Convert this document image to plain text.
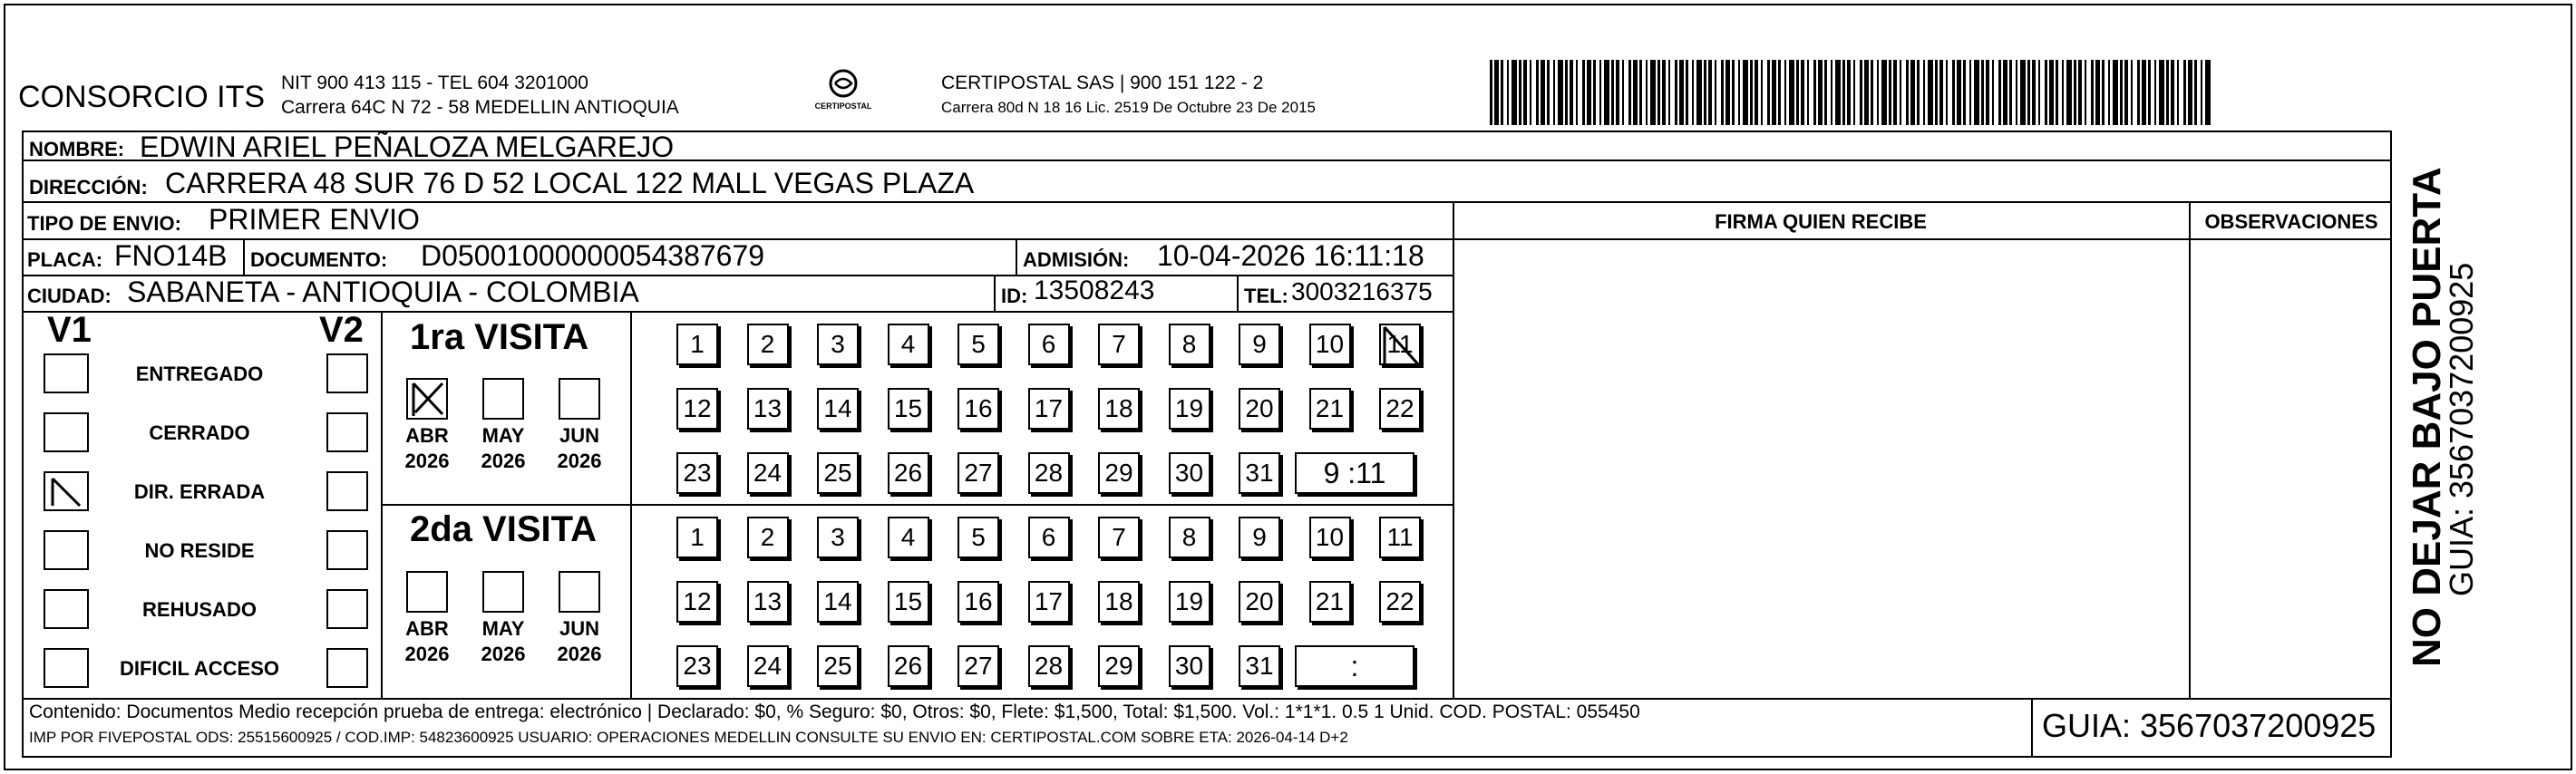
CONSORCIO ITS NIT 900 413 115 - TEL 604 3201000
Carrera 64C N 72 - 58 MEDELLIN ANTIOQUIA	CERTIPOSTAL
CERTIPOSTAL SAS | 900 151 122 - 2
Carrera 80d N 18 16 Lic. 2519 De Octubre 23 De 2015
NOMBRE: EDWIN ARIEL PEÑALOZA MELGAREJO
DIRECCIÓN: CARRERA 48 SUR 76 D 52 LOCAL 122 MALL VEGAS PLAZA
TIPO DE ENVIO: PRIMER ENVIO	FIRMA QUIEN RECIBE	OBSERVACIONES
PLACA: FNO14B DOCUMENTO: D05001000000054387679	ADMISIÓN: 10-04-2026 16:11:18
CIUDAD: SABANETA - ANTIOQUIA - COLOMBIA	ID: 13508243	TEL: 3003216375
V1	V2
ENTREGADO
CERRADO
DIR. ERRADA
NO RESIDE
REHUSADO
DIFICIL ACCESO
1ra VISITA
2da VISITA
ABR
2026
MAY
2026
JUN
2026
1 2 3 4 5 6 7 8 9 10 11
12 13 14 15 16 17 18 19 20 21 22
23 24 25 26 27 28 29 30 31 9 :11
ABR
2026
MAY
2026
JUN
2026
1 2 3 4 5 6 7 8 9 10 11
12 13 14 15 16 17 18 19 20 21 22
23 24 25 26 27 28 29 30 31	:
Contenido: Documentos Medio recepción prueba de entrega: electrónico | Declarado: $0, % Seguro: $0, Otros: $0, Flete: $1,500, Total: $1,500. Vol.: 1*1*1. 0.5 1 Unid. COD. POSTAL: 055450
IMP POR FIVEPOSTAL ODS: 25515600925 / COD.IMP: 54823600925 USUARIO: OPERACIONES MEDELLIN CONSULTE SU ENVIO EN: CERTIPOSTAL.COM SOBRE ETA: 2026-04-14 D+2	GUIA: 3567037200925
NO DEJAR BAJO PUERTA
GUIA: 3567037200925
